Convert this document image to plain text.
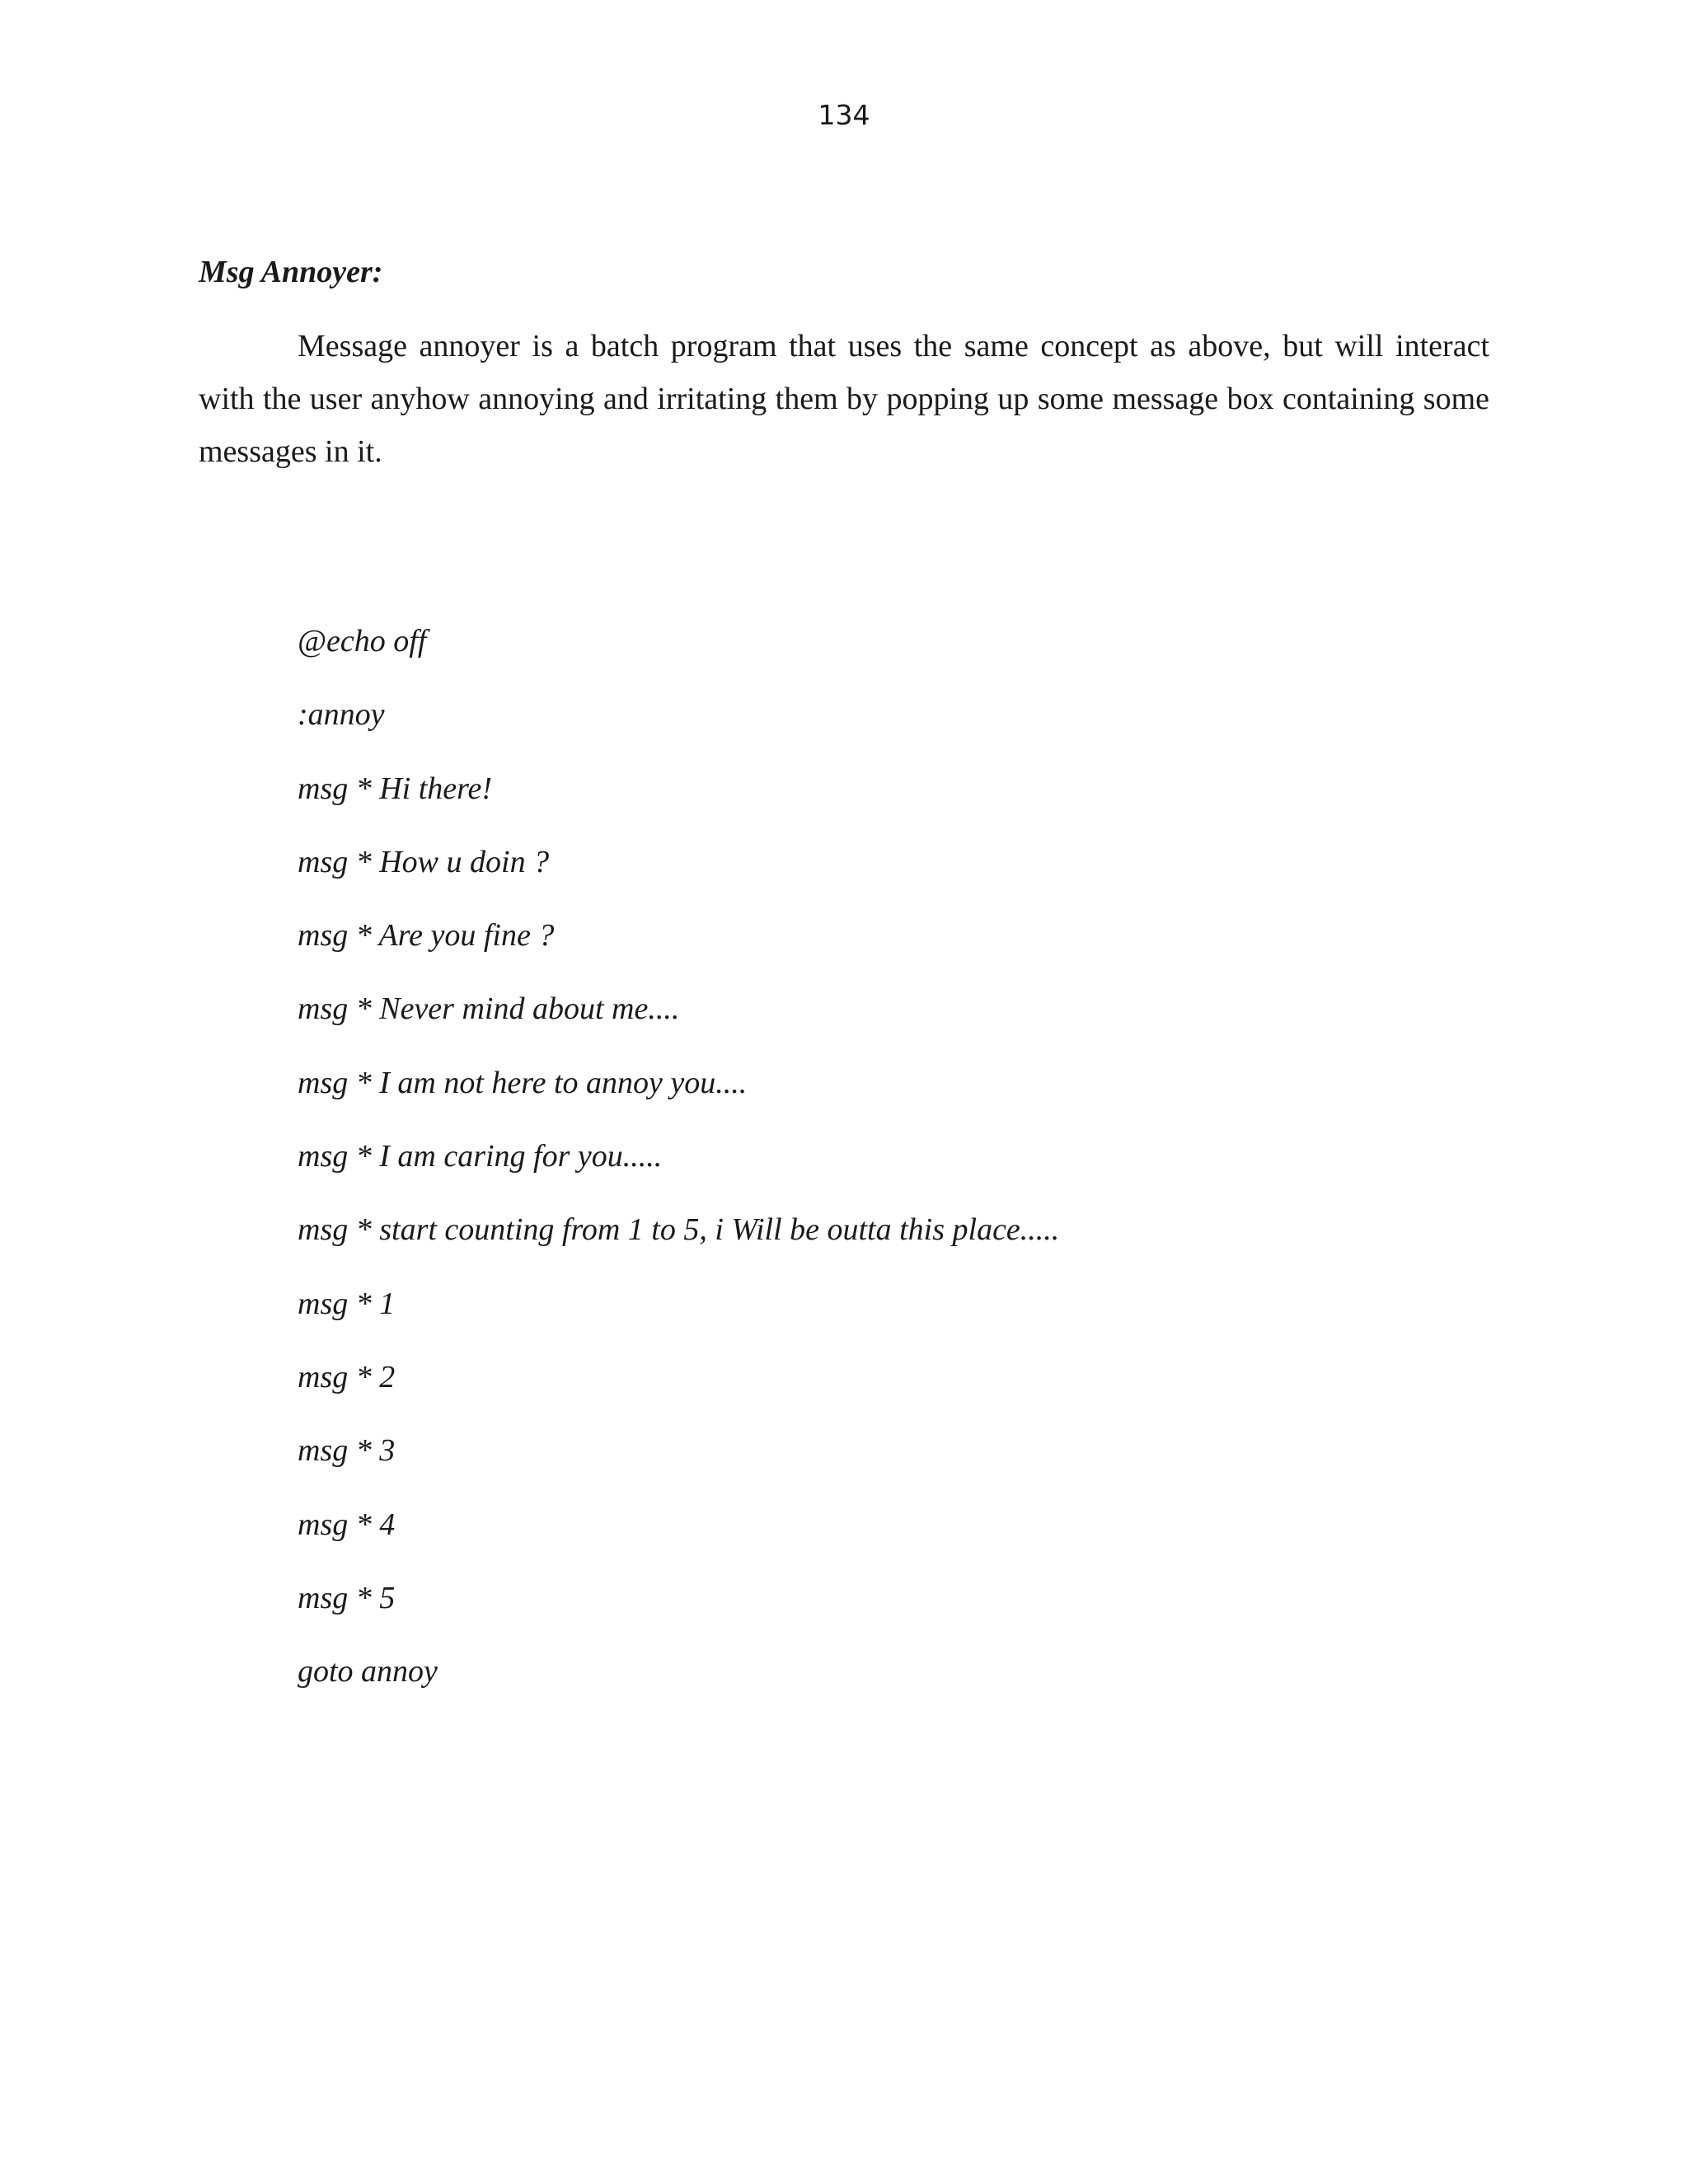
134
Msg Annoyer:

Message annoyer is a batch program that uses the same concept as above, but will interact with the user anyhow annoying and irritating them by popping up some message box containing some messages in it.

@echo off
:annoy
msg * Hi there!
msg * How u doin ?
msg * Are you fine ?
msg * Never mind about me....
msg * I am not here to annoy you....
msg * I am caring for you.....
msg * start counting from 1 to 5, i Will be outta this place.....
msg * 1
msg * 2
msg * 3
msg * 4
msg * 5
goto annoy
